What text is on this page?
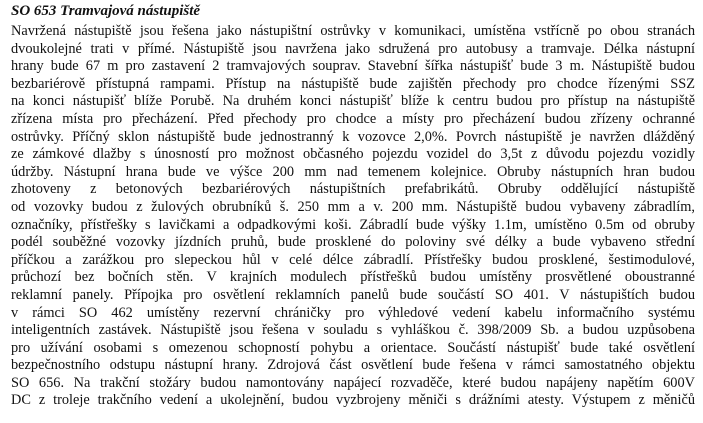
SO 653 Tramvajová nástupiště
Navržená nástupiště jsou řešena jako nástupištní ostrůvky v komunikaci, umístěna vstřícně po obou stranách
dvoukolejné trati v přímé. Nástupiště jsou navržena jako sdružená pro autobusy a tramvaje. Délka nástupní
hrany bude 67 m pro zastavení 2 tramvajových souprav. Stavební šířka nástupišť bude 3 m. Nástupiště budou
bezbariérově přístupná rampami. Přístup na nástupiště bude zajištěn přechody pro chodce řízenými SSZ
na konci nástupišť blíže Porubě. Na druhém konci nástupišť blíže k centru budou pro přístup na nástupiště
zřízena místa pro přecházení. Před přechody pro chodce a místy pro přecházení budou zřízeny ochranné
ostrůvky. Příčný sklon nástupiště bude jednostranný k vozovce 2,0%. Povrch nástupiště je navržen dlážděný
ze zámkové dlažby s únosností pro možnost občasného pojezdu vozidel do 3,5t z důvodu pojezdu vozidly
údržby. Nástupní hrana bude ve výšce 200 mm nad temenem kolejnice. Obruby nástupních hran budou
zhotoveny z betonových bezbariérových nástupištních prefabrikátů. Obruby oddělující nástupiště
od vozovky budou z žulových obrubníků š. 250 mm a v. 200 mm. Nástupiště budou vybaveny zábradlím,
označníky, přístřešky s lavičkami a odpadkovými koši. Zábradlí bude výšky 1.1m, umístěno 0.5m od obruby
podél souběžné vozovky jízdních pruhů, bude prosklené do poloviny své délky a bude vybaveno střední
příčkou a zarážkou pro slepeckou hůl v celé délce zábradlí. Přístřešky budou prosklené, šestimodulové,
průchozí bez bočních stěn. V krajních modulech přístřešků budou umístěny prosvětlené oboustranné
reklamní panely. Přípojka pro osvětlení reklamních panelů bude součástí SO 401. V nástupištích budou
v rámci SO 462 umístěny rezervní chráničky pro výhledové vedení kabelu informačního systému
inteligentních zastávek. Nástupiště jsou řešena v souladu s vyhláškou č. 398/2009 Sb. a budou uzpůsobena
pro užívání osobami s omezenou schopností pohybu a orientace. Součástí nástupišť bude také osvětlení
bezpečnostního odstupu nástupní hrany. Zdrojová část osvětlení bude řešena v rámci samostatného objektu
SO 656. Na trakční stožáry budou namontovány napájecí rozvaděče, které budou napájeny napětím 600V
DC z troleje trakčního vedení a ukolejnění, budou vyzbrojeny měniči s drážními atesty. Výstupem z měničů
